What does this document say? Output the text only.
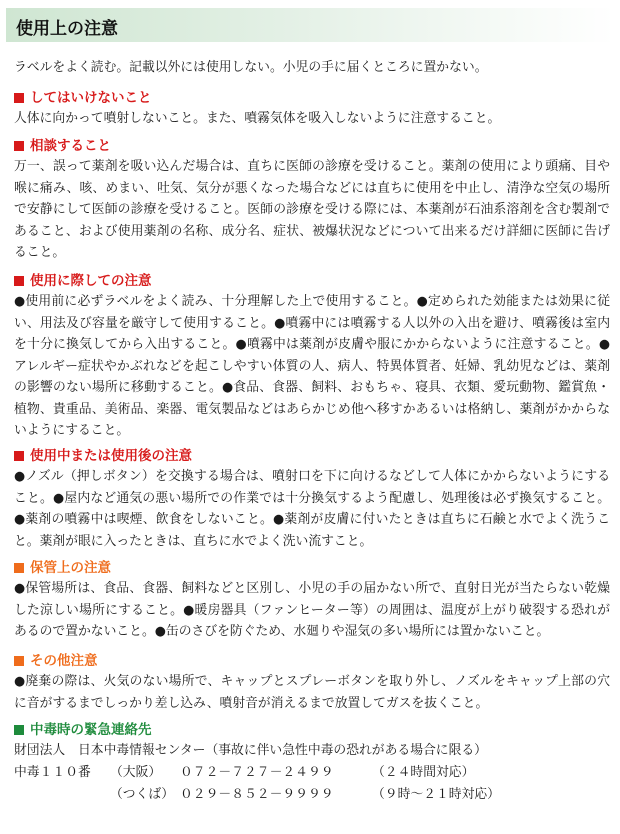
使用上の注意
ラベルをよく読む。記載以外には使用しない。小児の手に届くところに置かない。
してはいけないこと
人体に向かって噴射しないこと。また、噴霧気体を吸入しないように注意すること。
相談すること
万一、誤って薬剤を吸い込んだ場合は、直ちに医師の診療を受けること。薬剤の使用により頭痛、目や喉に痛み、咳、めまい、吐気、気分が悪くなった場合などには直ちに使用を中止し、清浄な空気の場所で安静にして医師の診療を受けること。医師の診療を受ける際には、本薬剤が石油系溶剤を含む製剤であること、および使用薬剤の名称、成分名、症状、被爆状況などについて出来るだけ詳細に医師に告げること。
使用に際しての注意
●使用前に必ずラベルをよく読み、十分理解した上で使用すること。●定められた効能または効果に従い、用法及び容量を厳守して使用すること。●噴霧中には噴霧する人以外の入出を避け、噴霧後は室内を十分に換気してから入出すること。●噴霧中は薬剤が皮膚や服にかからないように注意すること。●アレルギー症状やかぶれなどを起こしやすい体質の人、病人、特異体質者、妊婦、乳幼児などは、薬剤の影響のない場所に移動すること。●食品、食器、飼料、おもちゃ、寝具、衣類、愛玩動物、鑑賞魚・植物、貴重品、美術品、楽器、電気製品などはあらかじめ他へ移すかあるいは格納し、薬剤がかからないようにすること。
使用中または使用後の注意
●ノズル（押しボタン）を交換する場合は、噴射口を下に向けるなどして人体にかからないようにすること。●屋内など通気の悪い場所での作業では十分換気するよう配慮し、処理後は必ず換気すること。●薬剤の噴霧中は喫煙、飲食をしないこと。●薬剤が皮膚に付いたときは直ちに石鹸と水でよく洗うこと。薬剤が眼に入ったときは、直ちに水でよく洗い流すこと。
保管上の注意
●保管場所は、食品、食器、飼料などと区別し、小児の手の届かない所で、直射日光が当たらない乾燥した涼しい場所にすること。●暖房器具（ファンヒーター等）の周囲は、温度が上がり破裂する恐れがあるので置かないこと。●缶のさびを防ぐため、水廻りや湿気の多い場所には置かないこと。
その他注意
●廃棄の際は、火気のない場所で、キャップとスプレーボタンを取り外し、ノズルをキャップ上部の穴に音がするまでしっかり差し込み、噴射音が消えるまで放置してガスを抜くこと。
中毒時の緊急連絡先
財団法人　日本中毒情報センター（事故に伴い急性中毒の恐れがある場合に限る）
中毒１１０番	（大阪）	０７２－７２７－２４９９	（２４時間対応）
（つくば） ０２９－８５２－９９９９	（９時～２１時対応）
